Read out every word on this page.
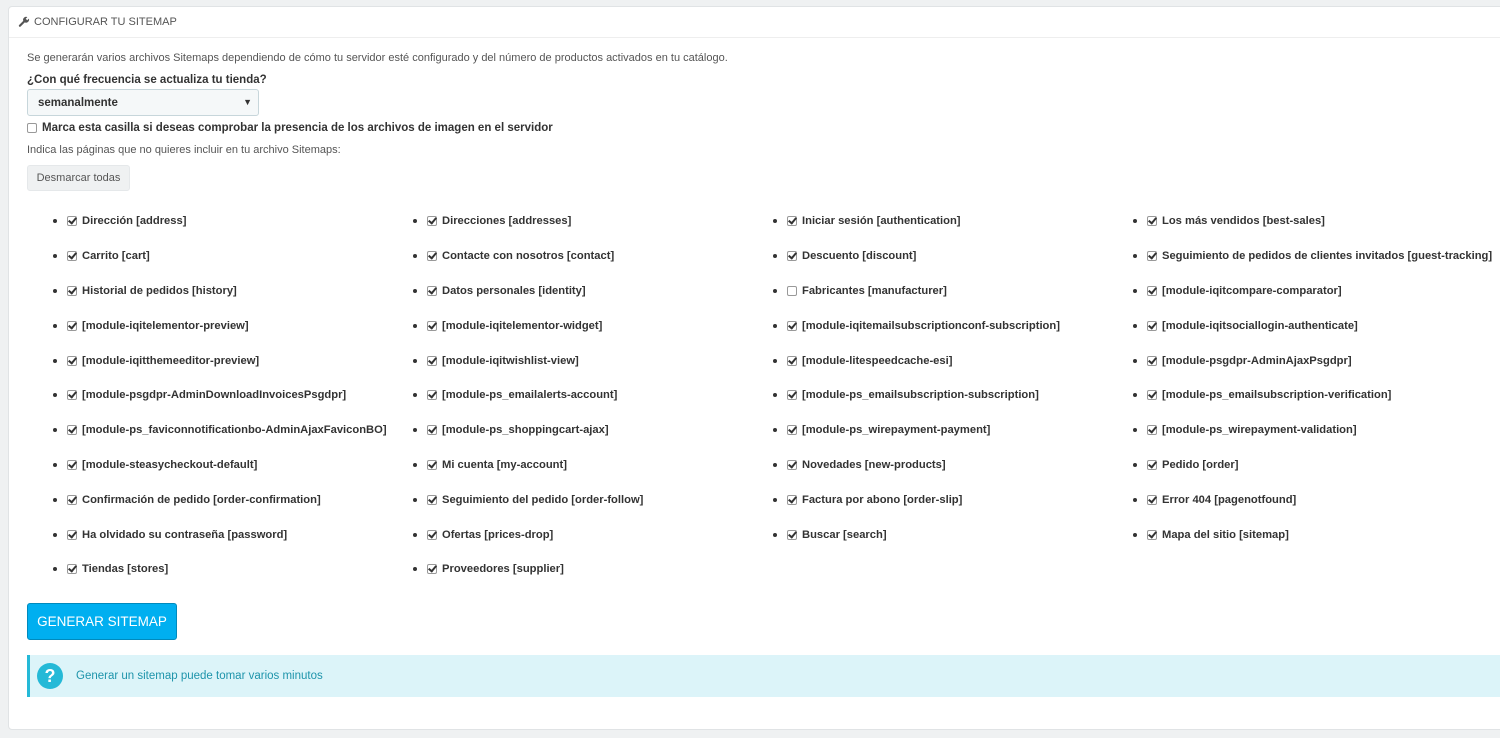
CONFIGURAR TU SITEMAP
Se generarán varios archivos Sitemaps dependiendo de cómo tu servidor esté configurado y del número de productos activados en tu catálogo.
¿Con qué frecuencia se actualiza tu tienda?
semanalmente	▼
Marca esta casilla si deseas comprobar la presencia de los archivos de imagen en el servidor
Indica las páginas que no quieres incluir en tu archivo Sitemaps:
Desmarcar todas
Dirección [address]	Direcciones [addresses]	Iniciar sesión [authentication]	Los más vendidos [best-sales]
Carrito [cart]	Contacte con nosotros [contact]	Descuento [discount]	Seguimiento de pedidos de clientes invitados [guest-tracking]
Historial de pedidos [history]	Datos personales [identity]	Fabricantes [manufacturer]	[module-iqitcompare-comparator]
[module-iqitelementor-preview]	[module-iqitelementor-widget]	[module-iqitemailsubscriptionconf-subscription]	[module-iqitsociallogin-authenticate]
[module-iqitthemeeditor-preview]	[module-iqitwishlist-view]	[module-litespeedcache-esi]	[module-psgdpr-AdminAjaxPsgdpr]
[module-psgdpr-AdminDownloadInvoicesPsgdpr]	[module-ps_emailalerts-account]	[module-ps_emailsubscription-subscription]	[module-ps_emailsubscription-verification]
[module-ps_faviconnotificationbo-AdminAjaxFaviconBO]	[module-ps_shoppingcart-ajax]	[module-ps_wirepayment-payment]	[module-ps_wirepayment-validation]
[module-steasycheckout-default]	Mi cuenta [my-account]	Novedades [new-products]	Pedido [order]
Confirmación de pedido [order-confirmation]	Seguimiento del pedido [order-follow]	Factura por abono [order-slip]	Error 404 [pagenotfound]
Ha olvidado su contraseña [password]	Ofertas [prices-drop]	Buscar [search]	Mapa del sitio [sitemap]
Tiendas [stores]	Proveedores [supplier]
GENERAR SITEMAP
?	Generar un sitemap puede tomar varios minutos
